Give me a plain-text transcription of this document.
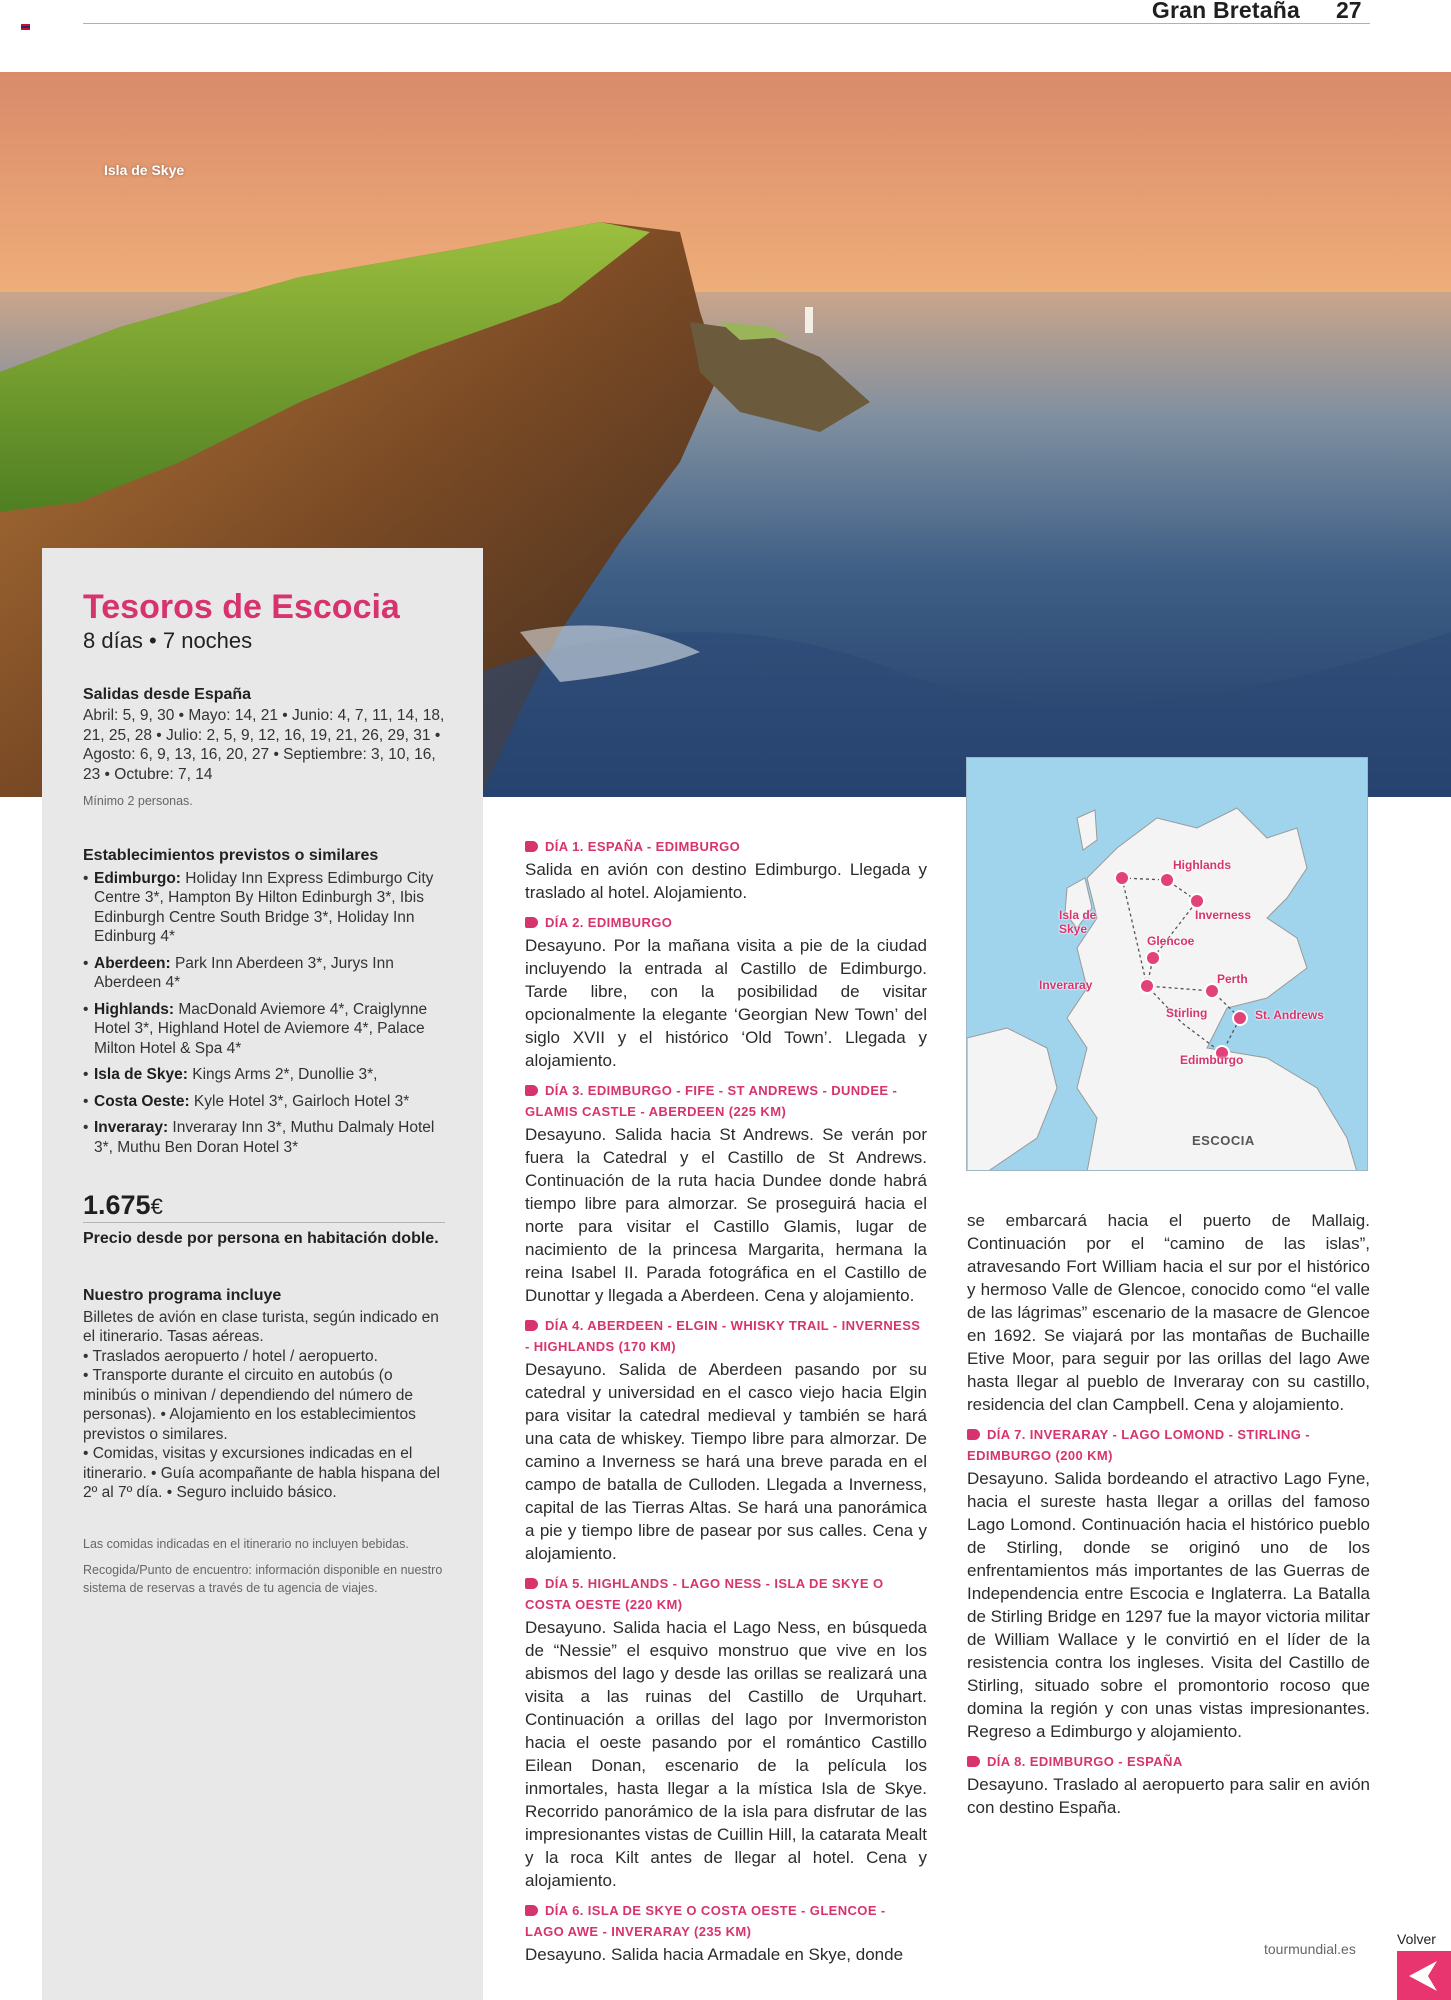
Gran Bretaña 27
Isla de Skye
Tesoros de Escocia
8 días • 7 noches
Salidas desde España

Abril: 5, 9, 30 • Mayo: 14, 21 • Junio: 4, 7, 11, 14, 18, 21, 25, 28 • Julio: 2, 5, 9, 12, 16, 19, 21, 26, 29, 31 • Agosto: 6, 9, 13, 16, 20, 27 • Septiembre: 3, 10, 16, 23 • Octubre: 7, 14

Mínimo 2 personas.

Establecimientos previstos o similares
• Edimburgo: Holiday Inn Express Edimburgo City Centre 3*, Hampton By Hilton Edinburgh 3*, Ibis Edinburgh Centre South Bridge 3*, Holiday Inn Edinburg 4*
• Aberdeen: Park Inn Aberdeen 3*, Jurys Inn Aberdeen 4*
• Highlands: MacDonald Aviemore 4*, Craiglynne Hotel 3*, Highland Hotel de Aviemore 4*, Palace Milton Hotel & Spa 4*
• Isla de Skye: Kings Arms 2*, Dunollie 3*,
• Costa Oeste: Kyle Hotel 3*, Gairloch Hotel 3*
• Inveraray: Inveraray Inn 3*, Muthu Dalmaly Hotel 3*, Muthu Ben Doran Hotel 3*
1.675€

Precio desde por persona en habitación doble.

Nuestro programa incluye

Billetes de avión en clase turista, según indicado en el itinerario. Tasas aéreas.
• Traslados aeropuerto / hotel / aeropuerto.
• Transporte durante el circuito en autobús (o minibús o minivan / dependiendo del número de personas). • Alojamiento en los establecimientos previstos o similares.
• Comidas, visitas y excursiones indicadas en el itinerario. • Guía acompañante de habla hispana del 2º al 7º día. • Seguro incluido básico.

Las comidas indicadas en el itinerario no incluyen bebidas.

Recogida/Punto de encuentro: información disponible en nuestro sistema de reservas a través de tu agencia de viajes.

DÍA 1. ESPAÑA - EDIMBURGO
Salida en avión con destino Edimburgo. Llegada y traslado al hotel. Alojamiento.
DÍA 2. EDIMBURGO
Desayuno. Por la mañana visita a pie de la ciudad incluyendo la entrada al Castillo de Edimburgo. Tarde libre, con la posibilidad de visitar opcionalmente la elegante ‘Georgian New Town’ del siglo XVII y el histórico ‘Old Town’. Llegada y alojamiento.
DÍA 3. EDIMBURGO - FIFE - ST ANDREWS - DUNDEE - GLAMIS CASTLE - ABERDEEN (225 KM)
Desayuno. Salida hacia St Andrews. Se verán por fuera la Catedral y el Castillo de St Andrews. Continuación de la ruta hacia Dundee donde habrá tiempo libre para almorzar. Se proseguirá hacia el norte para visitar el Castillo Glamis, lugar de nacimiento de la princesa Margarita, hermana la reina Isabel II. Parada fotográfica en el Castillo de Dunottar y llegada a Aberdeen. Cena y alojamiento.
DÍA 4. ABERDEEN - ELGIN - WHISKY TRAIL - INVERNESS - HIGHLANDS (170 KM)
Desayuno. Salida de Aberdeen pasando por su catedral y universidad en el casco viejo hacia Elgin para visitar la catedral medieval y también se hará una cata de whiskey. Tiempo libre para almorzar. De camino a Inverness se hará una breve parada en el campo de batalla de Culloden. Llegada a Inverness, capital de las Tierras Altas. Se hará una panorámica a pie y tiempo libre de pasear por sus calles. Cena y alojamiento.
DÍA 5. HIGHLANDS - LAGO NESS - ISLA DE SKYE O COSTA OESTE (220 KM)
Desayuno. Salida hacia el Lago Ness, en búsqueda de “Nessie” el esquivo monstruo que vive en los abismos del lago y desde las orillas se realizará una visita a las ruinas del Castillo de Urquhart. Continuación a orillas del lago por Invermoriston hacia el oeste pasando por el romántico Castillo Eilean Donan, escenario de la película los inmortales, hasta llegar a la mística Isla de Skye. Recorrido panorámico de la isla para disfrutar de las impresionantes vistas de Cuillin Hill, la catarata Mealt y la roca Kilt antes de llegar al hotel. Cena y alojamiento.
DÍA 6. ISLA DE SKYE O COSTA OESTE - GLENCOE - LAGO AWE - INVERARAY (235 KM)
Desayuno. Salida hacia Armadale en Skye, donde
Highlands
Isla de Skye
Inverness
Glencoe
Perth
Inveraray
Stirling	St. Andrews
Edimburgo
ESCOCIA
se embarcará hacia el puerto de Mallaig. Continuación por el “camino de las islas”, atravesando Fort William hacia el sur por el histórico y hermoso Valle de Glencoe, conocido como “el valle de las lágrimas” escenario de la masacre de Glencoe en 1692. Se viajará por las montañas de Buchaille Etive Moor, para seguir por las orillas del lago Awe hasta llegar al pueblo de Inveraray con su castillo, residencia del clan Campbell. Cena y alojamiento.
DÍA 7. INVERARAY - LAGO LOMOND - STIRLING - EDIMBURGO (200 KM)
Desayuno. Salida bordeando el atractivo Lago Fyne, hacia el sureste hasta llegar a orillas del famoso Lago Lomond. Continuación hacia el histórico pueblo de Stirling, donde se originó uno de los enfrentamientos más importantes de las Guerras de Independencia entre Escocia e Inglaterra. La Batalla de Stirling Bridge en 1297 fue la mayor victoria militar de William Wallace y le convirtió en el líder de la resistencia contra los ingleses. Visita del Castillo de Stirling, situado sobre el promontorio rocoso que domina la región y con unas vistas impresionantes. Regreso a Edimburgo y alojamiento.
DÍA 8. EDIMBURGO - ESPAÑA
Desayuno. Traslado al aeropuerto para salir en avión con destino España.
tourmundial.es
Volver
